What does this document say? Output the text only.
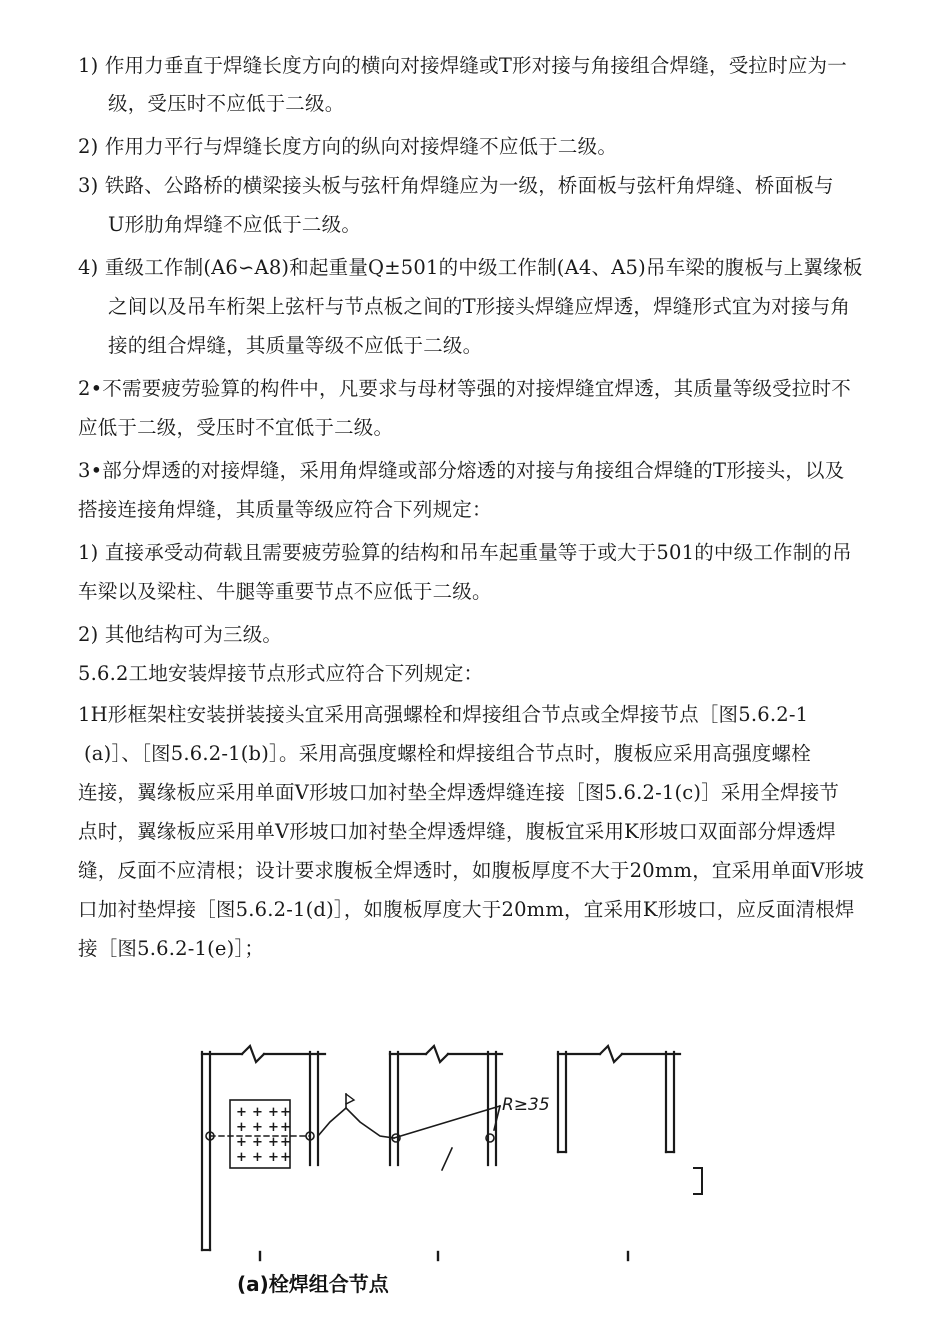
1) 作用力垂直于焊缝长度方向的横向对接焊缝或T形对接与角接组合焊缝，受拉时应为一
级，受压时不应低于二级。
2) 作用力平行与焊缝长度方向的纵向对接焊缝不应低于二级。
3) 铁路、公路桥的横梁接头板与弦杆角焊缝应为一级，桥面板与弦杆角焊缝、桥面板与
U形肋角焊缝不应低于二级。
4) 重级工作制(A6∽A8)和起重量Q±501的中级工作制(A4、A5)吊车梁的腹板与上翼缘板
之间以及吊车桁架上弦杆与节点板之间的T形接头焊缝应焊透，焊缝形式宜为对接与角
接的组合焊缝，其质量等级不应低于二级。
2•不需要疲劳验算的构件中，凡要求与母材等强的对接焊缝宜焊透，其质量等级受拉时不
应低于二级，受压时不宜低于二级。
3•部分焊透的对接焊缝，采用角焊缝或部分熔透的对接与角接组合焊缝的T形接头，以及
搭接连接角焊缝，其质量等级应符合下列规定：
1) 直接承受动荷载且需要疲劳验算的结构和吊车起重量等于或大于501的中级工作制的吊
车梁以及梁柱、牛腿等重要节点不应低于二级。
2) 其他结构可为三级。
5.6.2工地安装焊接节点形式应符合下列规定：
1H形框架柱安装拼装接头宜采用高强螺栓和焊接组合节点或全焊接节点［图5.6.2-1
(a)］、［图5.6.2-1(b)］。采用高强度螺栓和焊接组合节点时，腹板应采用高强度螺栓
连接，翼缘板应采用单面V形坡口加衬垫全焊透焊缝连接［图5.6.2-1(c)］采用全焊接节
点时，翼缘板应采用单V形坡口加衬垫全焊透焊缝，腹板宜采用K形坡口双面部分焊透焊
缝，反面不应清根；设计要求腹板全焊透时，如腹板厚度不大于20mm，宜采用单面V形坡
口加衬垫焊接［图5.6.2-1(d)］，如腹板厚度大于20mm，宜采用K形坡口，应反面清根焊
接［图5.6.2-1(e)］；
+ + + +
+ + + +
+ + + +
+ + + +
R≥35
(a)栓焊组合节点
